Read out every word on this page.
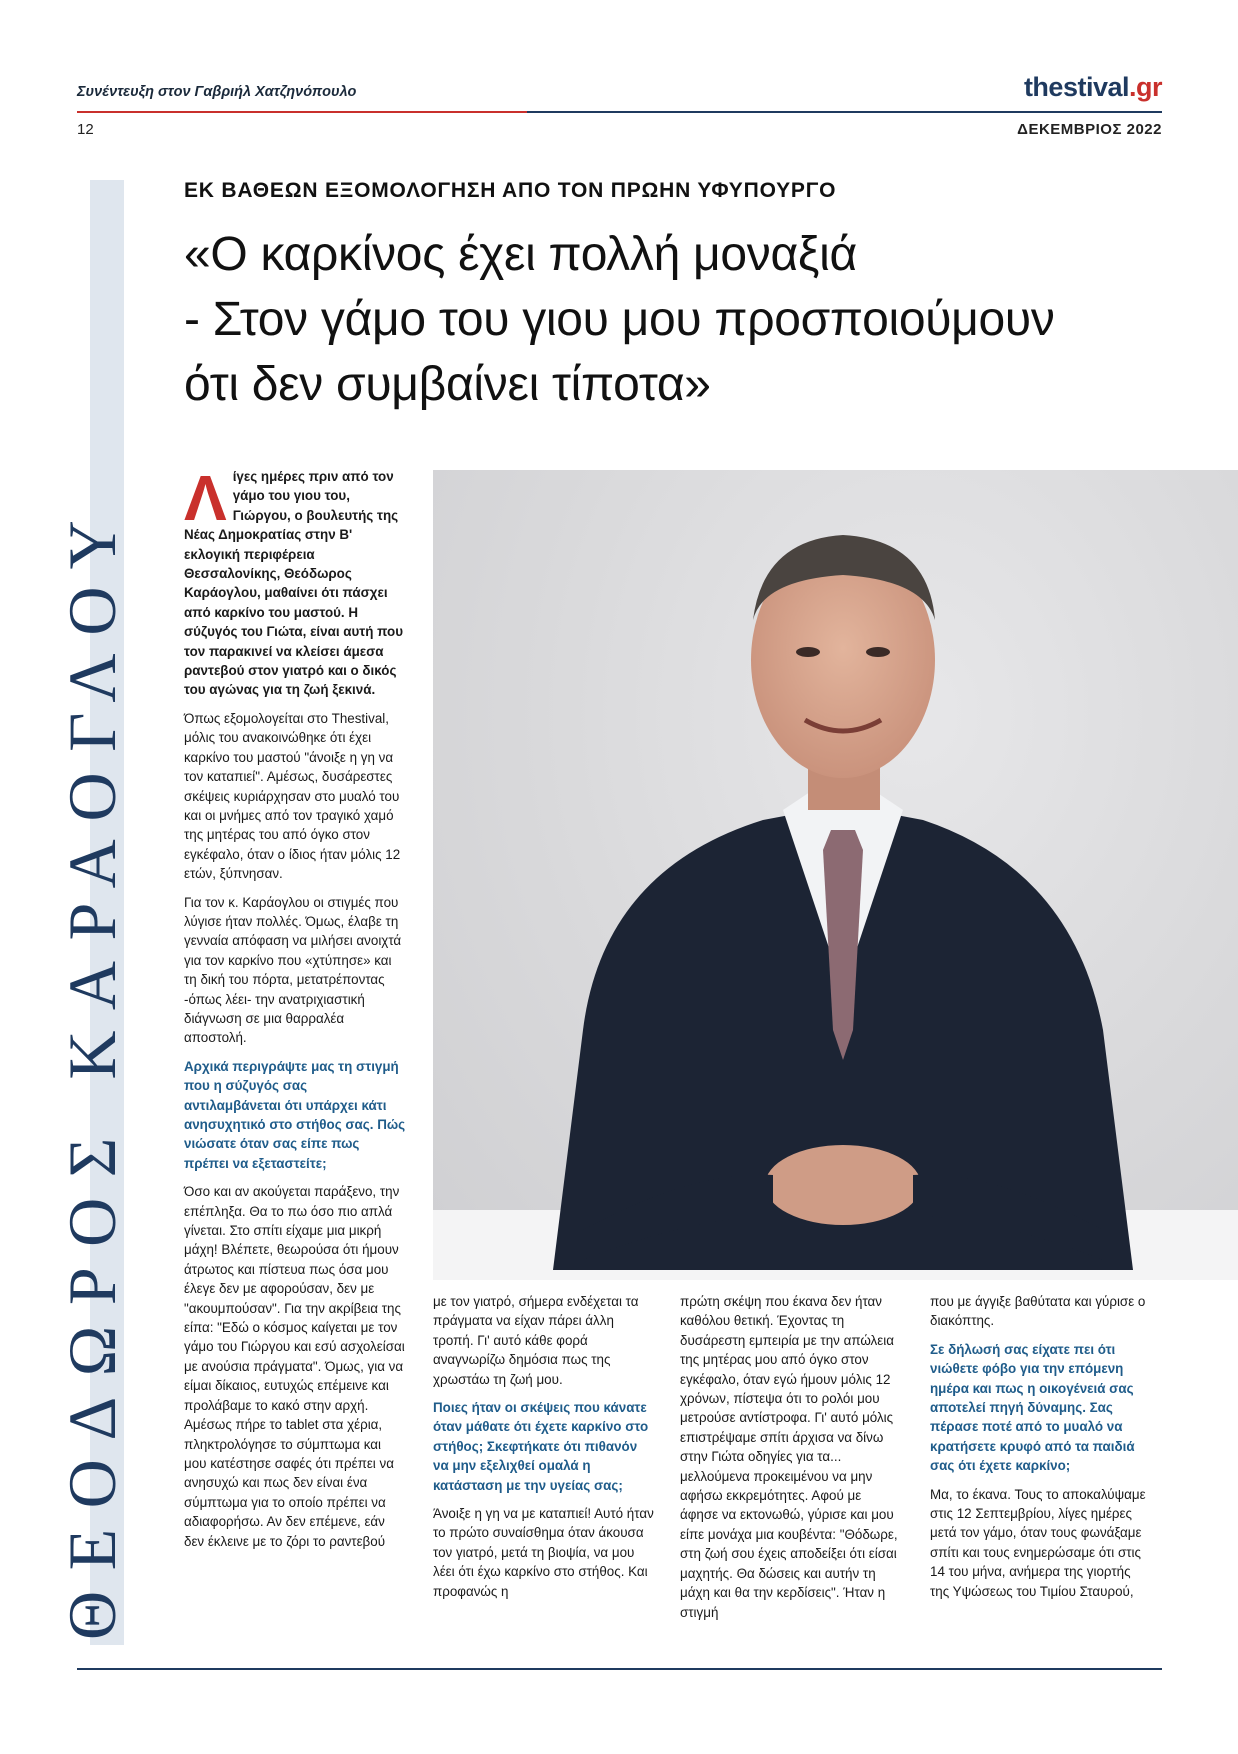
Συνέντευξη στον Γαβριήλ Χατζηνόπουλο	thestival.gr
12	ΔΕΚΕΜΒΡΙΟΣ 2022
ΘΕΟΔΩΡΟΣ ΚΑΡΑΟΓΛΟΥ
ΕΚ ΒΑΘΕΩΝ ΕΞΟΜΟΛΟΓΗΣΗ ΑΠΟ ΤΟΝ ΠΡΩΗΝ ΥΦΥΠΟΥΡΓΟ
«Ο καρκίνος έχει πολλή μοναξιά
- Στον γάμο του γιου μου προσποιούμουν
ότι δεν συμβαίνει τίποτα»

Λίγες ημέρες πριν από τον γάμο του γιου του, Γιώργου, ο βουλευτής της Νέας Δημοκρατίας στην Β' εκλογική περιφέρεια Θεσσαλονίκης, Θεόδωρος Καράογλου, μαθαίνει ότι πάσχει από καρκίνο του μαστού. Η σύζυγός του Γιώτα, είναι αυτή που τον παρακινεί να κλείσει άμεσα ραντεβού στον γιατρό και ο δικός του αγώνας για τη ζωή ξεκινά.

Όπως εξομολογείται στο Thestival, μόλις του ανακοινώθηκε ότι έχει καρκίνο του μαστού "άνοιξε η γη να τον καταπιεί". Αμέσως, δυσάρεστες σκέψεις κυριάρχησαν στο μυαλό του και οι μνήμες από τον τραγικό χαμό της μητέρας του από όγκο στον εγκέφαλο, όταν ο ίδιος ήταν μόλις 12 ετών, ξύπνησαν.

Για τον κ. Καράογλου οι στιγμές που λύγισε ήταν πολλές. Όμως, έλαβε τη γενναία απόφαση να μιλήσει ανοιχτά για τον καρκίνο που «χτύπησε» και τη δική του πόρτα, μετατρέποντας -όπως λέει- την ανατριχιαστική διάγνωση σε μια θαρραλέα αποστολή.

Αρχικά περιγράψτε μας τη στιγμή που η σύζυγός σας αντιλαμβάνεται ότι υπάρχει κάτι ανησυχητικό στο στήθος σας. Πώς νιώσατε όταν σας είπε πως πρέπει να εξεταστείτε;

Όσο και αν ακούγεται παράξενο, την επέπληξα. Θα το πω όσο πιο απλά γίνεται. Στο σπίτι είχαμε μια μικρή μάχη! Βλέπετε, θεωρούσα ότι ήμουν άτρωτος και πίστευα πως όσα μου έλεγε δεν με αφορούσαν, δεν με "ακουμπούσαν". Για την ακρίβεια της είπα: "Εδώ ο κόσμος καίγεται με τον γάμο του Γιώργου και εσύ ασχολείσαι με ανούσια πράγματα". Όμως, για να είμαι δίκαιος, ευτυχώς επέμεινε και προλάβαμε το κακό στην αρχή. Αμέσως πήρε το tablet στα χέρια, πληκτρολόγησε το σύμπτωμα και μου κατέστησε σαφές ότι πρέπει να ανησυχώ και πως δεν είναι ένα σύμπτωμα για το οποίο πρέπει να αδιαφορήσω. Αν δεν επέμενε, εάν δεν έκλεινε με το ζόρι το ραντεβού

με τον γιατρό, σήμερα ενδέχεται τα πράγματα να είχαν πάρει άλλη τροπή. Γι' αυτό κάθε φορά αναγνωρίζω δημόσια πως της χρωστάω τη ζωή μου.

Ποιες ήταν οι σκέψεις που κάνατε όταν μάθατε ότι έχετε καρκίνο στο στήθος; Σκεφτήκατε ότι πιθανόν να μην εξελιχθεί ομαλά η κατάσταση με την υγείας σας;

Άνοιξε η γη να με καταπιεί! Αυτό ήταν το πρώτο συναίσθημα όταν άκουσα τον γιατρό, μετά τη βιοψία, να μου λέει ότι έχω καρκίνο στο στήθος. Και προφανώς η

πρώτη σκέψη που έκανα δεν ήταν καθόλου θετική. Έχοντας τη δυσάρεστη εμπειρία με την απώλεια της μητέρας μου από όγκο στον εγκέφαλο, όταν εγώ ήμουν μόλις 12 χρόνων, πίστεψα ότι το ρολόι μου μετρούσε αντίστροφα. Γι' αυτό μόλις επιστρέψαμε σπίτι άρχισα να δίνω στην Γιώτα οδηγίες για τα... μελλούμενα προκειμένου να μην αφήσω εκκρεμότητες. Αφού με άφησε να εκτονωθώ, γύρισε και μου είπε μονάχα μια κουβέντα: "Θόδωρε, στη ζωή σου έχεις αποδείξει ότι είσαι μαχητής. Θα δώσεις και αυτήν τη μάχη και θα την κερδίσεις". Ήταν η στιγμή

που με άγγιξε βαθύτατα και γύρισε ο διακόπτης.

Σε δήλωσή σας είχατε πει ότι νιώθετε φόβο για την επόμενη ημέρα και πως η οικογένειά σας αποτελεί πηγή δύναμης. Σας πέρασε ποτέ από το μυαλό να κρατήσετε κρυφό από τα παιδιά σας ότι έχετε καρκίνο;

Μα, το έκανα. Τους το αποκαλύψαμε στις 12 Σεπτεμβρίου, λίγες ημέρες μετά τον γάμο, όταν τους φωνάξαμε σπίτι και τους ενημερώσαμε ότι στις 14 του μήνα, ανήμερα της γιορτής της Υψώσεως του Τιμίου Σταυρού,
